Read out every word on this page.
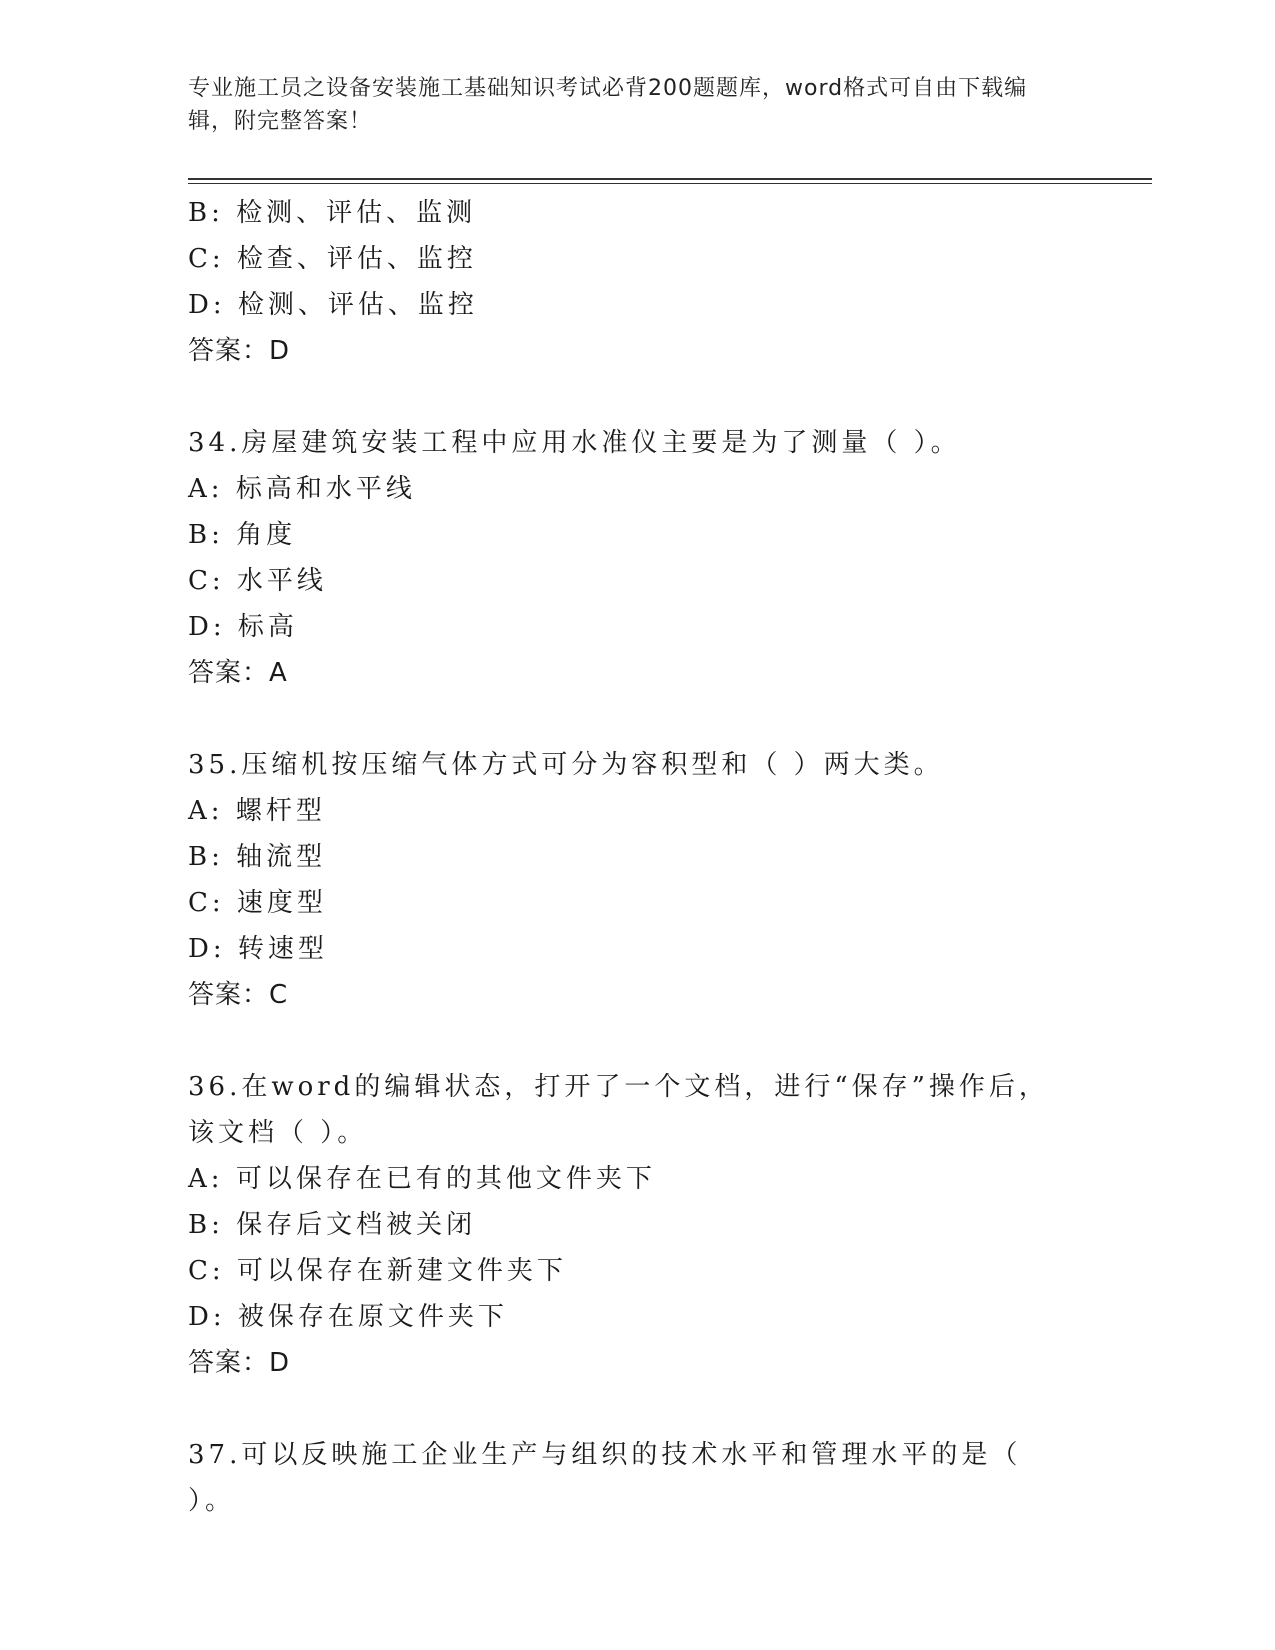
专业施工员之设备安装施工基础知识考试必背200题题库，word格式可自由下载编辑，附完整答案！
B: 检测、评估、监测
C: 检查、评估、监控
D: 检测、评估、监控
答案：D
34.房屋建筑安装工程中应用水准仪主要是为了测量（ ）。
A: 标高和水平线
B: 角度
C: 水平线
D: 标高
答案：A
35.压缩机按压缩气体方式可分为容积型和（ ）两大类。
A: 螺杆型
B: 轴流型
C: 速度型
D: 转速型
答案：C
36.在word的编辑状态，打开了一个文档，进行“保存”操作后，该文档（ ）。
A: 可以保存在已有的其他文件夹下
B: 保存后文档被关闭
C: 可以保存在新建文件夹下
D: 被保存在原文件夹下
答案：D
37.可以反映施工企业生产与组织的技术水平和管理水平的是（ ）。
